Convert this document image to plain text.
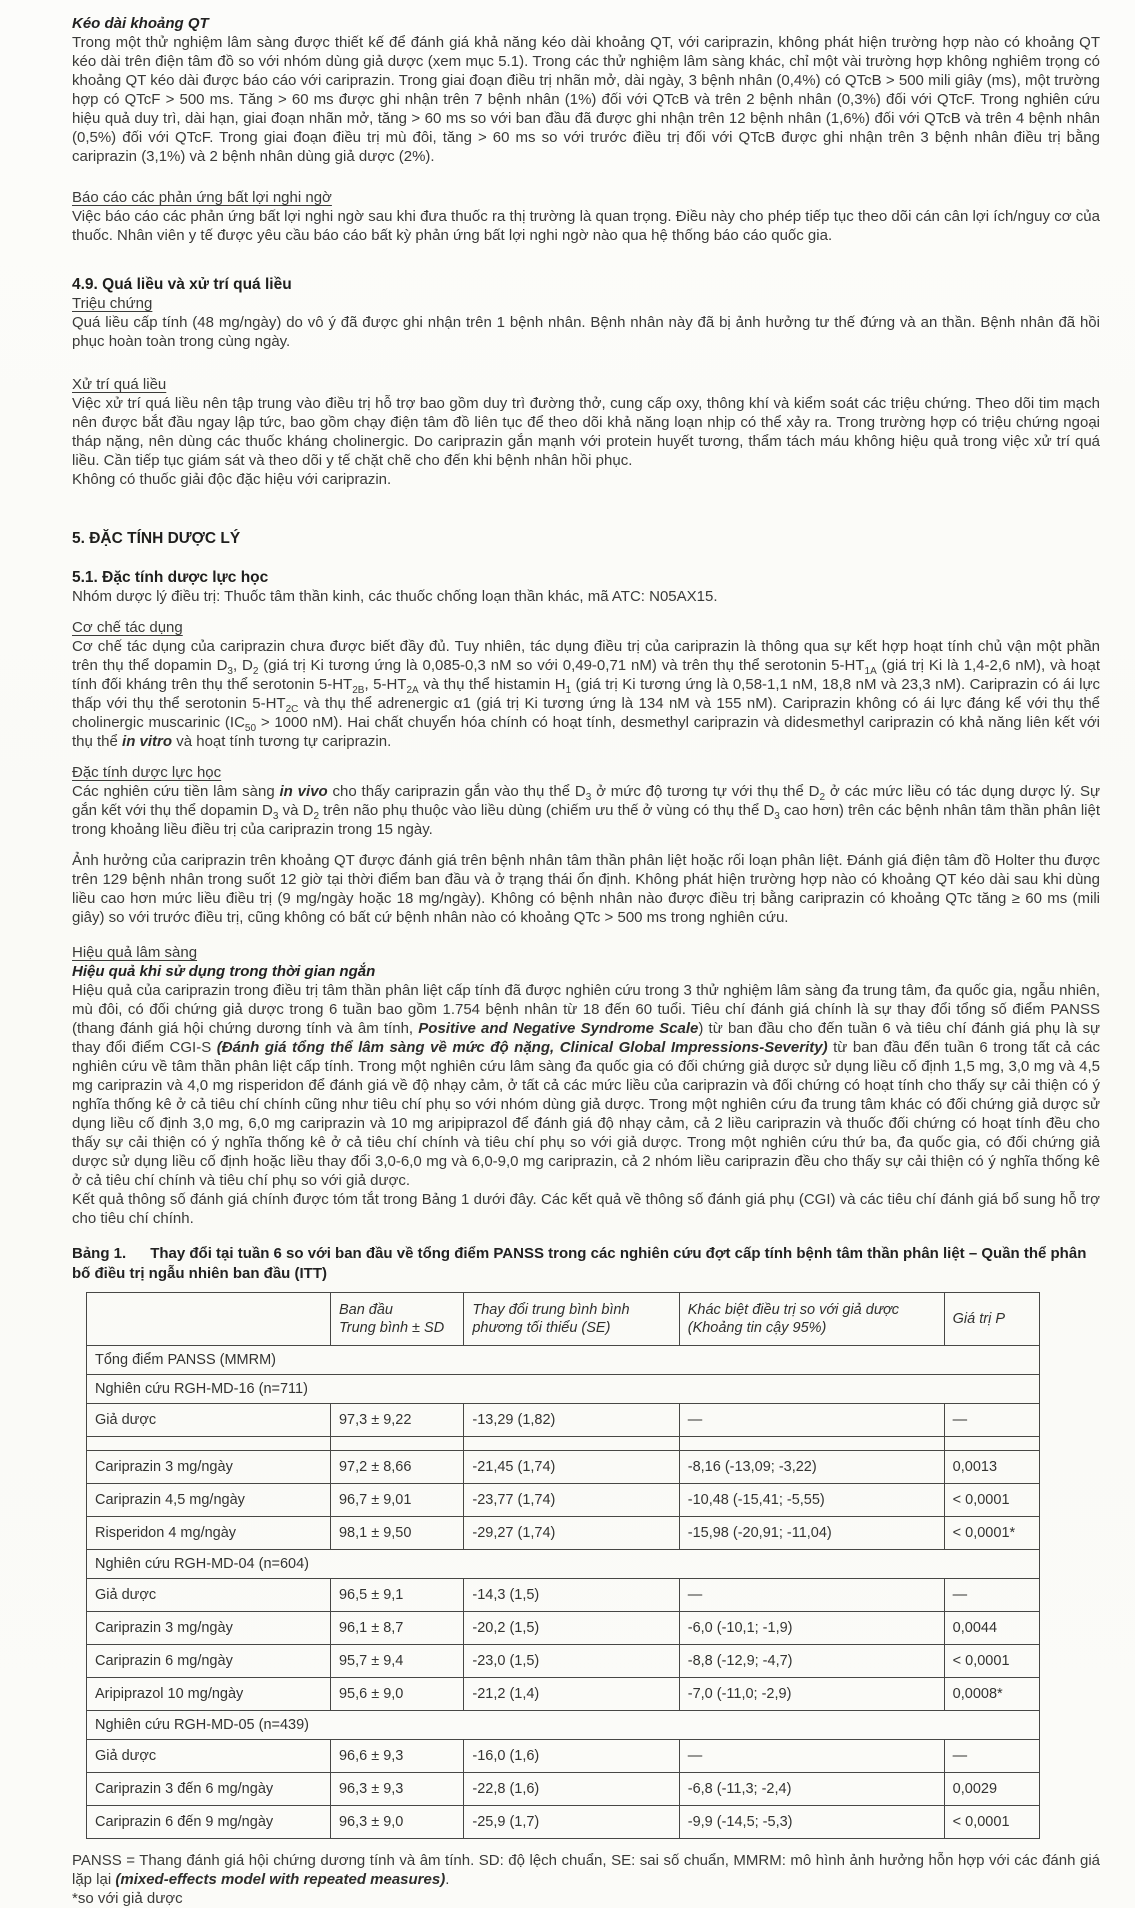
Kéo dài khoảng QT

Trong một thử nghiệm lâm sàng được thiết kế để đánh giá khả năng kéo dài khoảng QT, với cariprazin, không phát hiện trường hợp nào có khoảng QT kéo dài trên điện tâm đồ so với nhóm dùng giả dược (xem mục 5.1). Trong các thử nghiệm lâm sàng khác, chỉ một vài trường hợp không nghiêm trọng có khoảng QT kéo dài được báo cáo với cariprazin. Trong giai đoạn điều trị nhãn mở, dài ngày, 3 bệnh nhân (0,4%) có QTcB > 500 mili giây (ms), một trường hợp có QTcF > 500 ms. Tăng > 60 ms được ghi nhận trên 7 bệnh nhân (1%) đối với QTcB và trên 2 bệnh nhân (0,3%) đối với QTcF. Trong nghiên cứu hiệu quả duy trì, dài hạn, giai đoạn nhãn mở, tăng > 60 ms so với ban đầu đã được ghi nhận trên 12 bệnh nhân (1,6%) đối với QTcB và trên 4 bệnh nhân (0,5%) đối với QTcF. Trong giai đoạn điều trị mù đôi, tăng > 60 ms so với trước điều trị đối với QTcB được ghi nhận trên 3 bệnh nhân điều trị bằng cariprazin (3,1%) và 2 bệnh nhân dùng giả dược (2%).

Báo cáo các phản ứng bất lợi nghi ngờ

Việc báo cáo các phản ứng bất lợi nghi ngờ sau khi đưa thuốc ra thị trường là quan trọng. Điều này cho phép tiếp tục theo dõi cán cân lợi ích/nguy cơ của thuốc. Nhân viên y tế được yêu cầu báo cáo bất kỳ phản ứng bất lợi nghi ngờ nào qua hệ thống báo cáo quốc gia.

4.9. Quá liều và xử trí quá liều
Triệu chứng

Quá liều cấp tính (48 mg/ngày) do vô ý đã được ghi nhận trên 1 bệnh nhân. Bệnh nhân này đã bị ảnh hưởng tư thế đứng và an thần. Bệnh nhân đã hồi phục hoàn toàn trong cùng ngày.

Xử trí quá liều

Việc xử trí quá liều nên tập trung vào điều trị hỗ trợ bao gồm duy trì đường thở, cung cấp oxy, thông khí và kiểm soát các triệu chứng. Theo dõi tim mạch nên được bắt đầu ngay lập tức, bao gồm chạy điện tâm đồ liên tục để theo dõi khả năng loạn nhịp có thể xảy ra. Trong trường hợp có triệu chứng ngoại tháp nặng, nên dùng các thuốc kháng cholinergic. Do cariprazin gắn mạnh với protein huyết tương, thẩm tách máu không hiệu quả trong việc xử trí quá liều. Cần tiếp tục giám sát và theo dõi y tế chặt chẽ cho đến khi bệnh nhân hồi phục.

Không có thuốc giải độc đặc hiệu với cariprazin.

5. ĐẶC TÍNH DƯỢC LÝ
5.1. Đặc tính dược lực học

Nhóm dược lý điều trị: Thuốc tâm thần kinh, các thuốc chống loạn thần khác, mã ATC: N05AX15.

Cơ chế tác dụng

Cơ chế tác dụng của cariprazin chưa được biết đầy đủ. Tuy nhiên, tác dụng điều trị của cariprazin là thông qua sự kết hợp hoạt tính chủ vận một phần trên thụ thể dopamin $D_3$, $D_2$ (giá trị Ki tương ứng là 0,085-0,3 nM so với 0,49-0,71 nM) và trên thụ thể serotonin $5-HT_{1A}$ (giá trị Ki là 1,4-2,6 nM), và hoạt tính đối kháng trên thụ thể serotonin $5-HT_{2B}$, $5-HT_{2A}$ và thụ thể histamin $H_1$ (giá trị Ki tương ứng là 0,58-1,1 nM, 18,8 nM và 23,3 nM). Cariprazin có ái lực thấp với thụ thể serotonin $5-HT_{2C}$ và thụ thể adrenergic α1 (giá trị Ki tương ứng là 134 nM và 155 nM). Cariprazin không có ái lực đáng kể với thụ thể cholinergic muscarinic ($IC_{50} > 1000$ nM). Hai chất chuyển hóa chính có hoạt tính, desmethyl cariprazin và didesmethyl cariprazin có khả năng liên kết với thụ thể in vitro và hoạt tính tương tự cariprazin.

Đặc tính dược lực học

Các nghiên cứu tiền lâm sàng in vivo cho thấy cariprazin gắn vào thụ thể $D_3$ ở mức độ tương tự với thụ thể $D_2$ ở các mức liều có tác dụng dược lý. Sự gắn kết với thụ thể dopamin $D_3$ và $D_2$ trên não phụ thuộc vào liều dùng (chiếm ưu thế ở vùng có thụ thể $D_3$ cao hơn) trên các bệnh nhân tâm thần phân liệt trong khoảng liều điều trị của cariprazin trong 15 ngày.

Ảnh hưởng của cariprazin trên khoảng QT được đánh giá trên bệnh nhân tâm thần phân liệt hoặc rối loạn phân liệt. Đánh giá điện tâm đồ Holter thu được trên 129 bệnh nhân trong suốt 12 giờ tại thời điểm ban đầu và ở trạng thái ổn định. Không phát hiện trường hợp nào có khoảng QT kéo dài sau khi dùng liều cao hơn mức liều điều trị (9 mg/ngày hoặc 18 mg/ngày). Không có bệnh nhân nào được điều trị bằng cariprazin có khoảng QTc tăng ≥ 60 ms (mili giây) so với trước điều trị, cũng không có bất cứ bệnh nhân nào có khoảng QTc > 500 ms trong nghiên cứu.

Hiệu quả lâm sàng
Hiệu quả khi sử dụng trong thời gian ngắn

Hiệu quả của cariprazin trong điều trị tâm thần phân liệt cấp tính đã được nghiên cứu trong 3 thử nghiệm lâm sàng đa trung tâm, đa quốc gia, ngẫu nhiên, mù đôi, có đối chứng giả dược trong 6 tuần bao gồm 1.754 bệnh nhân từ 18 đến 60 tuổi. Tiêu chí đánh giá chính là sự thay đổi tổng số điểm PANSS (thang đánh giá hội chứng dương tính và âm tính, Positive and Negative Syndrome Scale) từ ban đầu cho đến tuần 6 và tiêu chí đánh giá phụ là sự thay đổi điểm CGI-S (Đánh giá tổng thể lâm sàng về mức độ nặng, Clinical Global Impressions-Severity) từ ban đầu đến tuần 6 trong tất cả các nghiên cứu về tâm thần phân liệt cấp tính. Trong một nghiên cứu lâm sàng đa quốc gia có đối chứng giả dược sử dụng liều cố định 1,5 mg, 3,0 mg và 4,5 mg cariprazin và 4,0 mg risperidon để đánh giá về độ nhạy cảm, ở tất cả các mức liều của cariprazin và đối chứng có hoạt tính cho thấy sự cải thiện có ý nghĩa thống kê ở cả tiêu chí chính cũng như tiêu chí phụ so với nhóm dùng giả dược. Trong một nghiên cứu đa trung tâm khác có đối chứng giả dược sử dụng liều cố định 3,0 mg, 6,0 mg cariprazin và 10 mg aripiprazol để đánh giá độ nhạy cảm, cả 2 liều cariprazin và thuốc đối chứng có hoạt tính đều cho thấy sự cải thiện có ý nghĩa thống kê ở cả tiêu chí chính và tiêu chí phụ so với giả dược. Trong một nghiên cứu thứ ba, đa quốc gia, có đối chứng giả dược sử dụng liều cố định hoặc liều thay đổi 3,0-6,0 mg và 6,0-9,0 mg cariprazin, cả 2 nhóm liều cariprazin đều cho thấy sự cải thiện có ý nghĩa thống kê ở cả tiêu chí chính và tiêu chí phụ so với giả dược.

Kết quả thông số đánh giá chính được tóm tắt trong Bảng 1 dưới đây. Các kết quả về thông số đánh giá phụ (CGI) và các tiêu chí đánh giá bổ sung hỗ trợ cho tiêu chí chính.

Bảng 1. Thay đổi tại tuần 6 so với ban đầu về tổng điểm PANSS trong các nghiên cứu đợt cấp tính bệnh tâm thần phân liệt – Quần thể phân bố điều trị ngẫu nhiên ban đầu (ITT)

	Ban đầu
Trung bình ± SD	Thay đổi trung bình bình
phương tối thiểu (SE)	Khác biệt điều trị so với giả dược
(Khoảng tin cậy 95%)	Giá trị P
Tổng điểm PANSS (MMRM)				
Nghiên cứu RGH-MD-16 (n=711)				
Giả dược	97,3 ± 9,22	-13,29 (1,82)	—	—

Cariprazin 3 mg/ngày	97,2 ± 8,66	-21,45 (1,74)	-8,16 (-13,09; -3,22)	0,0013
Cariprazin 4,5 mg/ngày	96,7 ± 9,01	-23,77 (1,74)	-10,48 (-15,41; -5,55)	< 0,0001
Risperidon 4 mg/ngày	98,1 ± 9,50	-29,27 (1,74)	-15,98 (-20,91; -11,04)	< 0,0001*
Nghiên cứu RGH-MD-04 (n=604)				
Giả dược	96,5 ± 9,1	-14,3 (1,5)	—	—
Cariprazin 3 mg/ngày	96,1 ± 8,7	-20,2 (1,5)	-6,0 (-10,1; -1,9)	0,0044
Cariprazin 6 mg/ngày	95,7 ± 9,4	-23,0 (1,5)	-8,8 (-12,9; -4,7)	< 0,0001
Aripiprazol 10 mg/ngày	95,6 ± 9,0	-21,2 (1,4)	-7,0 (-11,0; -2,9)	0,0008*
Nghiên cứu RGH-MD-05 (n=439)				
Giả dược	96,6 ± 9,3	-16,0 (1,6)	—	—
Cariprazin 3 đến 6 mg/ngày	96,3 ± 9,3	-22,8 (1,6)	-6,8 (-11,3; -2,4)	0,0029
Cariprazin 6 đến 9 mg/ngày	96,3 ± 9,0	-25,9 (1,7)	-9,9 (-14,5; -5,3)	< 0,0001

PANSS = Thang đánh giá hội chứng dương tính và âm tính. SD: độ lệch chuẩn, SE: sai số chuẩn, MMRM: mô hình ảnh hưởng hỗn hợp với các đánh giá lặp lại (mixed-effects model with repeated measures).

*so với giả dược
